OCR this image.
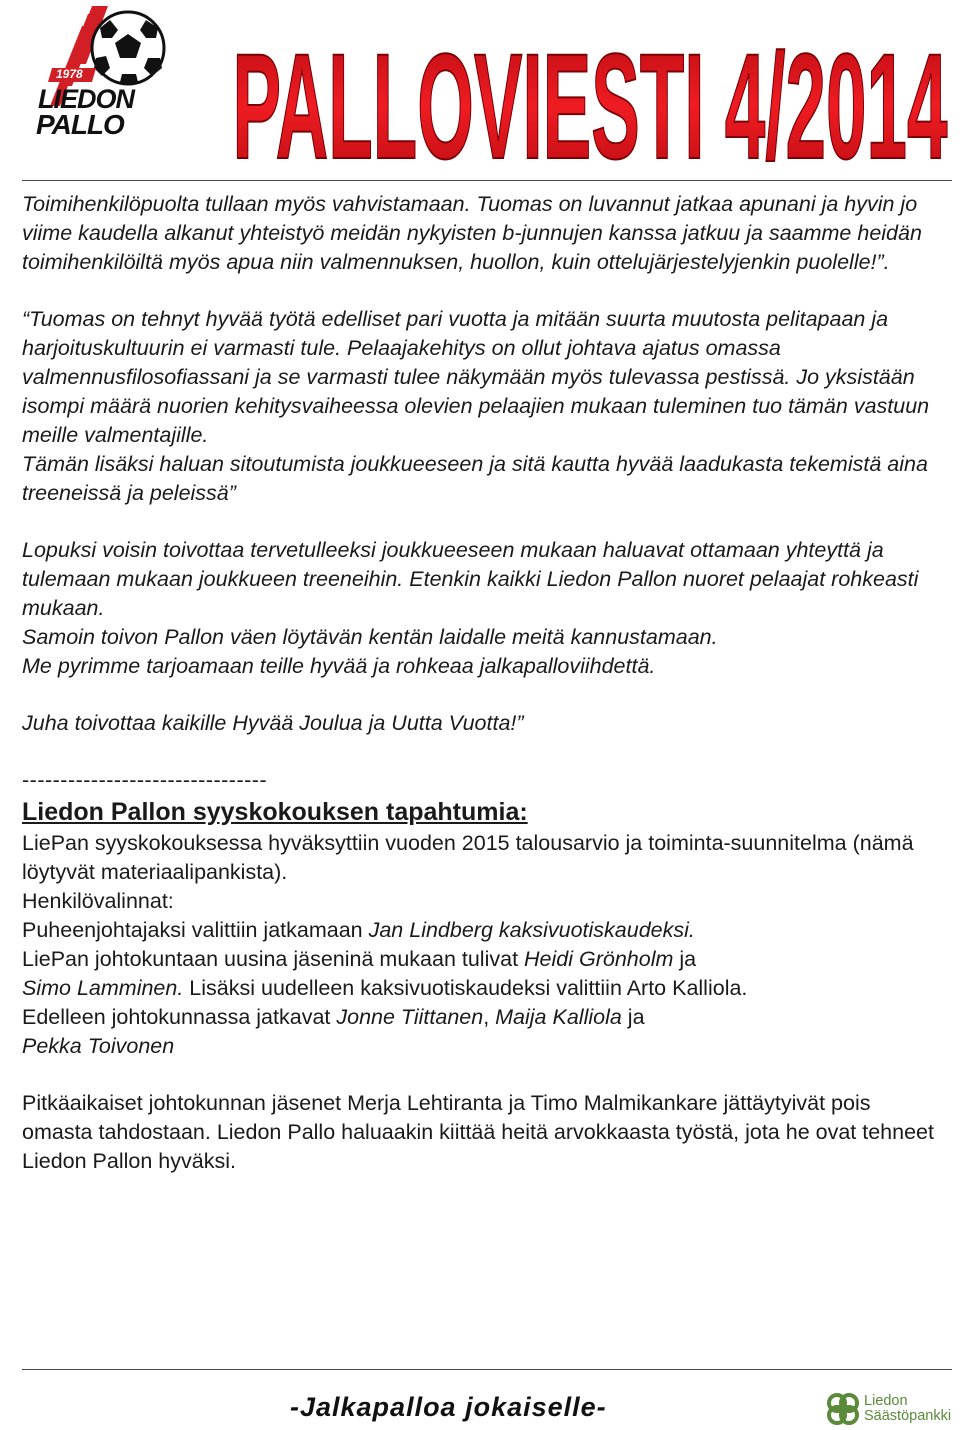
1978
LIEDON
PALLO PALLOVIESTI 4/2014

Toimihenkilöpuolta tullaan myös vahvistamaan. Tuomas on luvannut jatkaa apunani ja hyvin jo viime kaudella alkanut yhteistyö meidän nykyisten b-junnujen kanssa jatkuu ja saamme heidän toimihenkilöiltä myös apua niin valmennuksen, huollon, kuin ottelujärjestelyjenkin puolelle!”.

“Tuomas on tehnyt hyvää työtä edelliset pari vuotta ja mitään suurta muutosta pelitapaan ja harjoituskultuurin ei varmasti tule. Pelaajakehitys on ollut johtava ajatus omassa valmennusfilosofiassani ja se varmasti tulee näkymään myös tulevassa pestissä. Jo yksistään isompi määrä nuorien kehitysvaiheessa olevien pelaajien mukaan tuleminen tuo tämän vastuun meille valmentajille.

Tämän lisäksi haluan sitoutumista joukkueeseen ja sitä kautta hyvää laadukasta tekemistä aina treeneissä ja peleissä”

Lopuksi voisin toivottaa tervetulleeksi joukkueeseen mukaan haluavat ottamaan yhteyttä ja tulemaan mukaan joukkueen treeneihin. Etenkin kaikki Liedon Pallon nuoret pelaajat rohkeasti mukaan.

Samoin toivon Pallon väen löytävän kentän laidalle meitä kannustamaan.

Me pyrimme tarjoamaan teille hyvää ja rohkeaa jalkapalloviihdettä.

Juha toivottaa kaikille Hyvää Joulua ja Uutta Vuotta!”

--------------------------------

Liedon Pallon syyskokouksen tapahtumia:

LiePan syyskokouksessa hyväksyttiin vuoden 2015 talousarvio ja toiminta-suunnitelma (nämä löytyvät materiaalipankista).

Henkilövalinnat:

Puheenjohtajaksi valittiin jatkamaan Jan Lindberg kaksivuotiskaudeksi.

LiePan johtokuntaan uusina jäseninä mukaan tulivat Heidi Grönholm ja

Simo Lamminen. Lisäksi uudelleen kaksivuotiskaudeksi valittiin Arto Kalliola.

Edelleen johtokunnassa jatkavat Jonne Tiittanen, Maija Kalliola ja

Pekka Toivonen

Pitkäaikaiset johtokunnan jäsenet Merja Lehtiranta ja Timo Malmikankare jättäytyivät pois omasta tahdostaan. Liedon Pallo haluaakin kiittää heitä arvokkaasta työstä, jota he ovat tehneet Liedon Pallon hyväksi.

-Jalkapalloa jokaiselle-	Liedon
Säästöpankki
